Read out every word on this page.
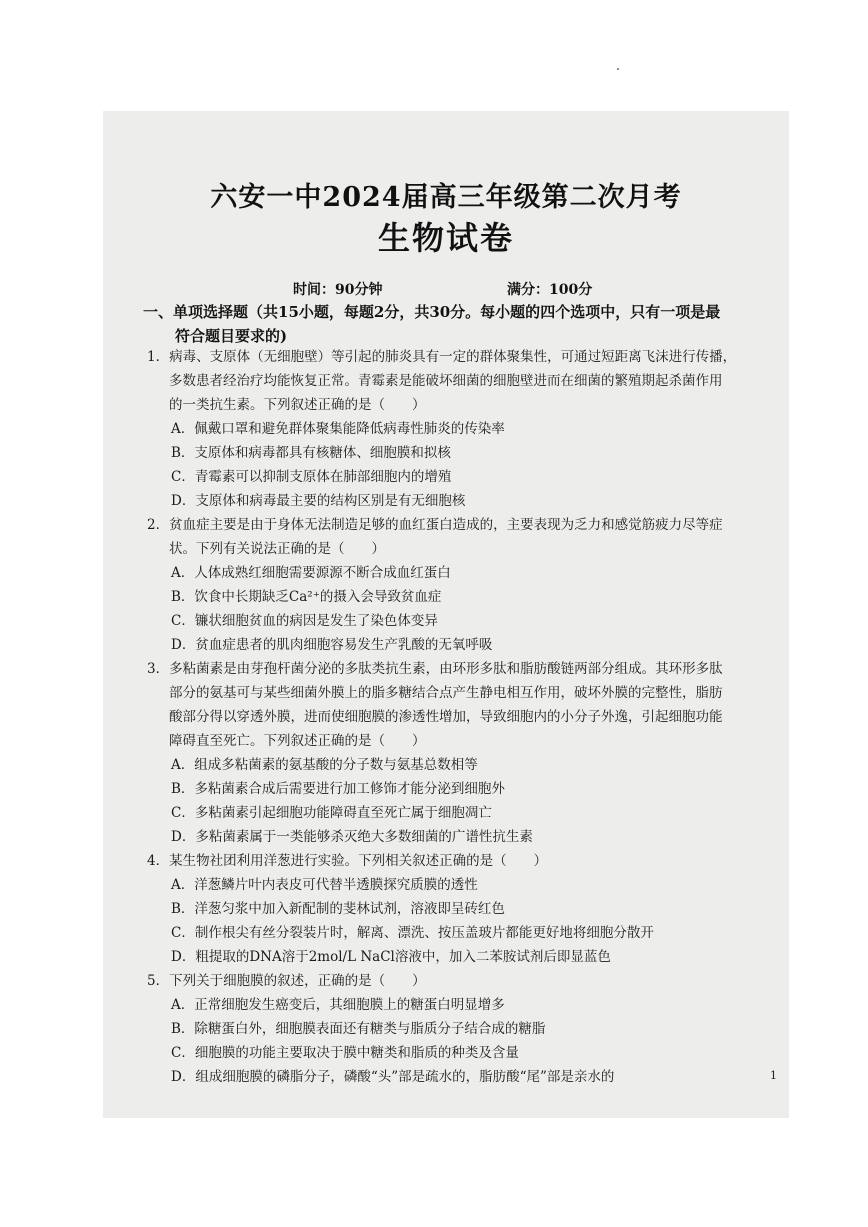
六安一中2024届高三年级第二次月考
生物试卷
时间：90分钟	满分：100分
一、单项选择题（共15小题，每题2分，共30分。每小题的四个选项中，只有一项是最
符合题目要求的)
1．病毒、支原体（无细胞壁）等引起的肺炎具有一定的群体聚集性，可通过短距离飞沫进行传播，
多数患者经治疗均能恢复正常。青霉素是能破坏细菌的细胞壁进而在细菌的繁殖期起杀菌作用
的一类抗生素。下列叙述正确的是（　　）
A．佩戴口罩和避免群体聚集能降低病毒性肺炎的传染率
B．支原体和病毒都具有核糖体、细胞膜和拟核
C．青霉素可以抑制支原体在肺部细胞内的增殖
D．支原体和病毒最主要的结构区别是有无细胞核
2．贫血症主要是由于身体无法制造足够的血红蛋白造成的，主要表现为乏力和感觉筋疲力尽等症
状。下列有关说法正确的是（　　）
A．人体成熟红细胞需要源源不断合成血红蛋白
B．饮食中长期缺乏Ca²⁺的摄入会导致贫血症
C．镰状细胞贫血的病因是发生了染色体变异
D．贫血症患者的肌肉细胞容易发生产乳酸的无氧呼吸
3．多粘菌素是由芽孢杆菌分泌的多肽类抗生素，由环形多肽和脂肪酸链两部分组成。其环形多肽
部分的氨基可与某些细菌外膜上的脂多糖结合点产生静电相互作用，破坏外膜的完整性，脂肪
酸部分得以穿透外膜，进而使细胞膜的渗透性增加，导致细胞内的小分子外逸，引起细胞功能
障碍直至死亡。下列叙述正确的是（　　）
A．组成多粘菌素的氨基酸的分子数与氨基总数相等
B．多粘菌素合成后需要进行加工修饰才能分泌到细胞外
C．多粘菌素引起细胞功能障碍直至死亡属于细胞凋亡
D．多粘菌素属于一类能够杀灭绝大多数细菌的广谱性抗生素
4．某生物社团利用洋葱进行实验。下列相关叙述正确的是（　　）
A．洋葱鳞片叶内表皮可代替半透膜探究质膜的透性
B．洋葱匀浆中加入新配制的斐林试剂，溶液即呈砖红色
C．制作根尖有丝分裂装片时，解离、漂洗、按压盖玻片都能更好地将细胞分散开
D．粗提取的DNA溶于2mol/L NaCl溶液中，加入二苯胺试剂后即显蓝色
5．下列关于细胞膜的叙述，正确的是（　　）
A．正常细胞发生癌变后，其细胞膜上的糖蛋白明显增多
B．除糖蛋白外，细胞膜表面还有糖类与脂质分子结合成的糖脂
C．细胞膜的功能主要取决于膜中糖类和脂质的种类及含量
D．组成细胞膜的磷脂分子，磷酸“头”部是疏水的，脂肪酸“尾”部是亲水的	1
